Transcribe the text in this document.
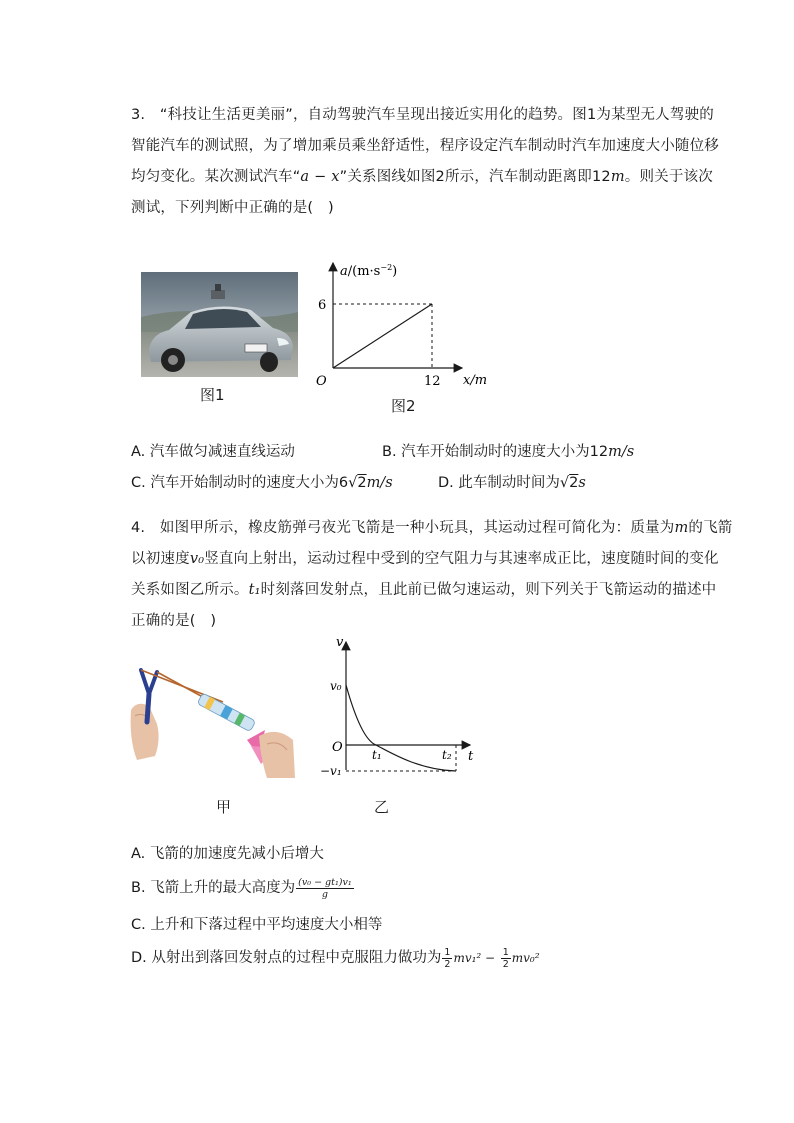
3.　“科技让生活更美丽”，自动驾驶汽车呈现出接近实用化的趋势。图1为某型无人驾驶的
智能汽车的测试照，为了增加乘员乘坐舒适性，程序设定汽车制动时汽车加速度大小随位移
均匀变化。某次测试汽车“a − x”关系图线如图2所示，汽车制动距离即12m。则关于该次
测试，下列判断中正确的是(　)
图1
$a/(m\cdot s^{-2})$
6
O	12 x/m
图2
A. 汽车做匀减速直线运动	B. 汽车开始制动时的速度大小为12m/s
C. 汽车开始制动时的速度大小为6√2m/s	D. 此车制动时间为√2s
4.　如图甲所示，橡皮筋弹弓夜光飞箭是一种小玩具，其运动过程可简化为：质量为m的飞箭
以初速度v₀竖直向上射出，运动过程中受到的空气阻力与其速率成正比，速度随时间的变化
关系如图乙所示。t₁时刻落回发射点，且此前已做匀速运动，则下列关于飞箭运动的描述中
正确的是(　)
甲
v
v₀
O
−v₁
t₁	t₂ t
乙
A. 飞箭的加速度先减小后增大
B. 飞箭上升的最大高度为 $\frac{\text{(v₀ − gt₁)v₁}}{g}$
C. 上升和下落过程中平均速度大小相等
D. 从射出到落回发射点的过程中克服阻力做功为 $\frac{1}{2} mv_1^2 - \frac{1}{2} mv_0^2$
